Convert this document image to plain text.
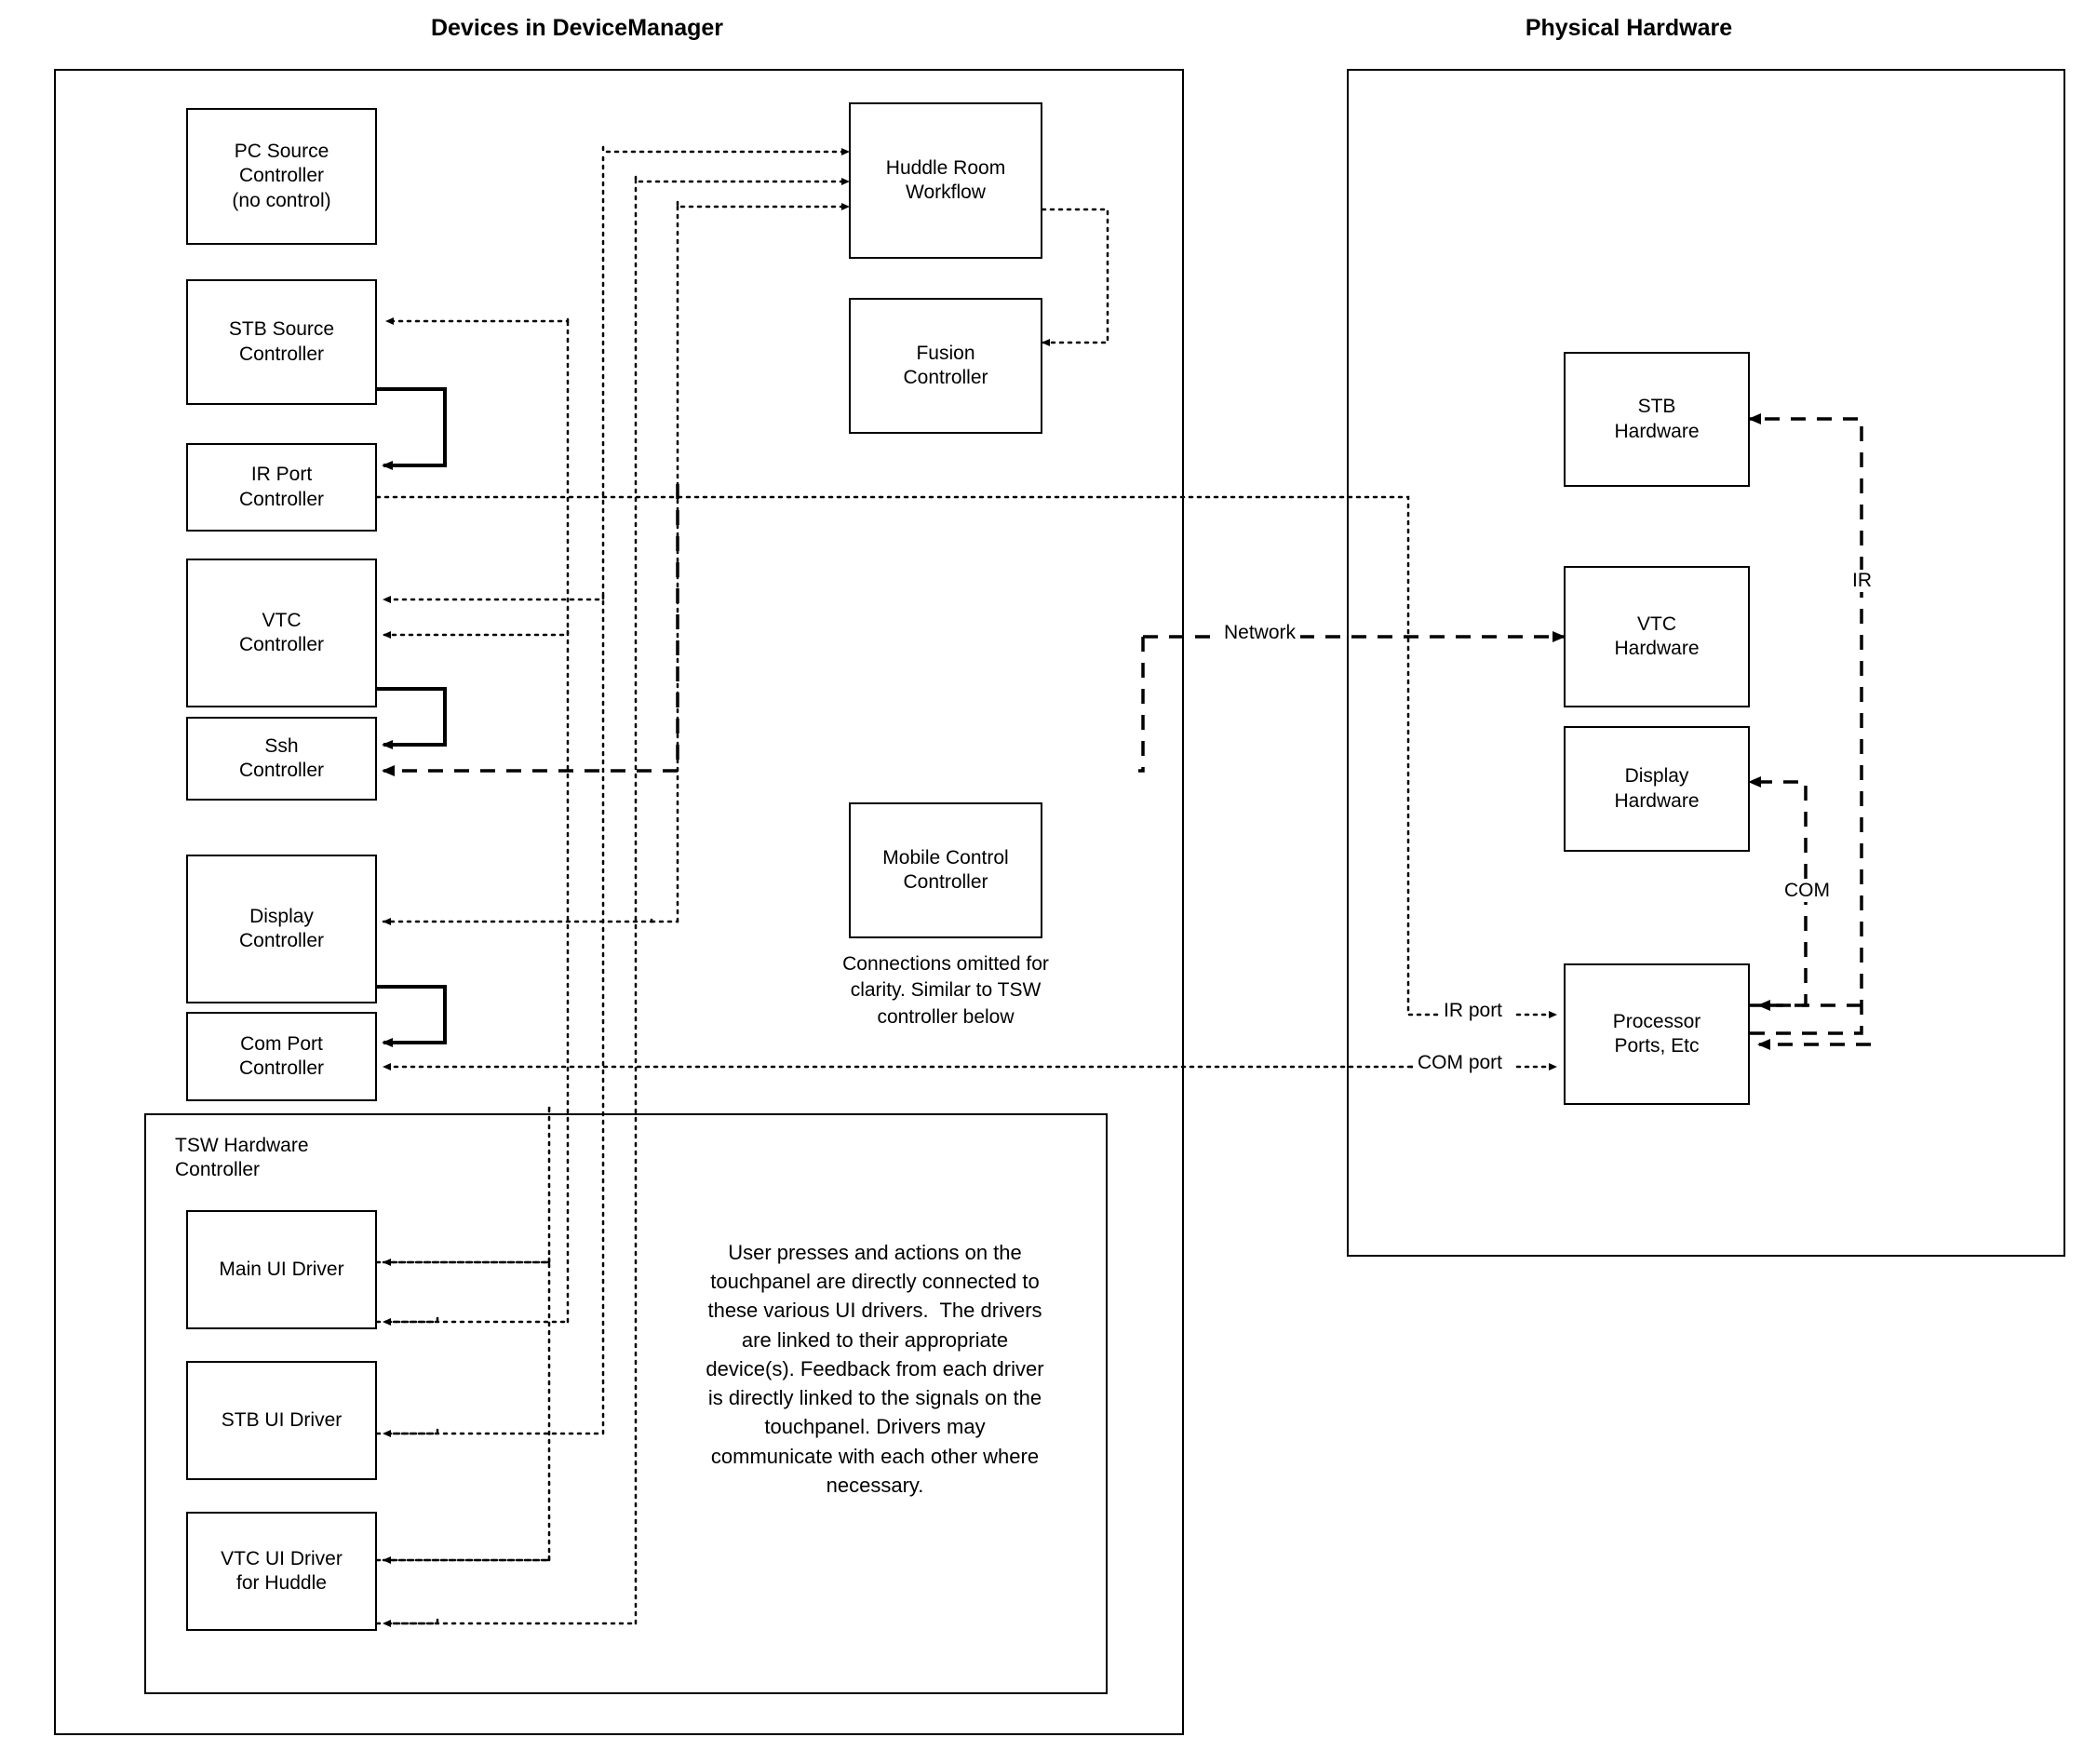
Devices in DeviceManager	Physical Hardware
PC Source
Controller
(no control)
STB Source
Controller
IR Port
Controller
VTC
Controller
Ssh
Controller
Display
Controller
Com Port
Controller
Huddle Room
Workflow
Fusion
Controller
Mobile Control
Controller
Connections omitted for clarity. Similar to TSW controller below
TSW Hardware
Controller
Main UI Driver
STB UI Driver
VTC UI Driver
for Huddle
User presses and actions on the touchpanel are directly connected to these various UI drivers.  The drivers are linked to their appropriate device(s). Feedback from each driver is directly linked to the signals on the touchpanel. Drivers may communicate with each other where necessary.
STB
Hardware
VTC
Hardware
Display
Hardware
Processor
Ports, Etc
Network
IR
COM
IR port
COM port
